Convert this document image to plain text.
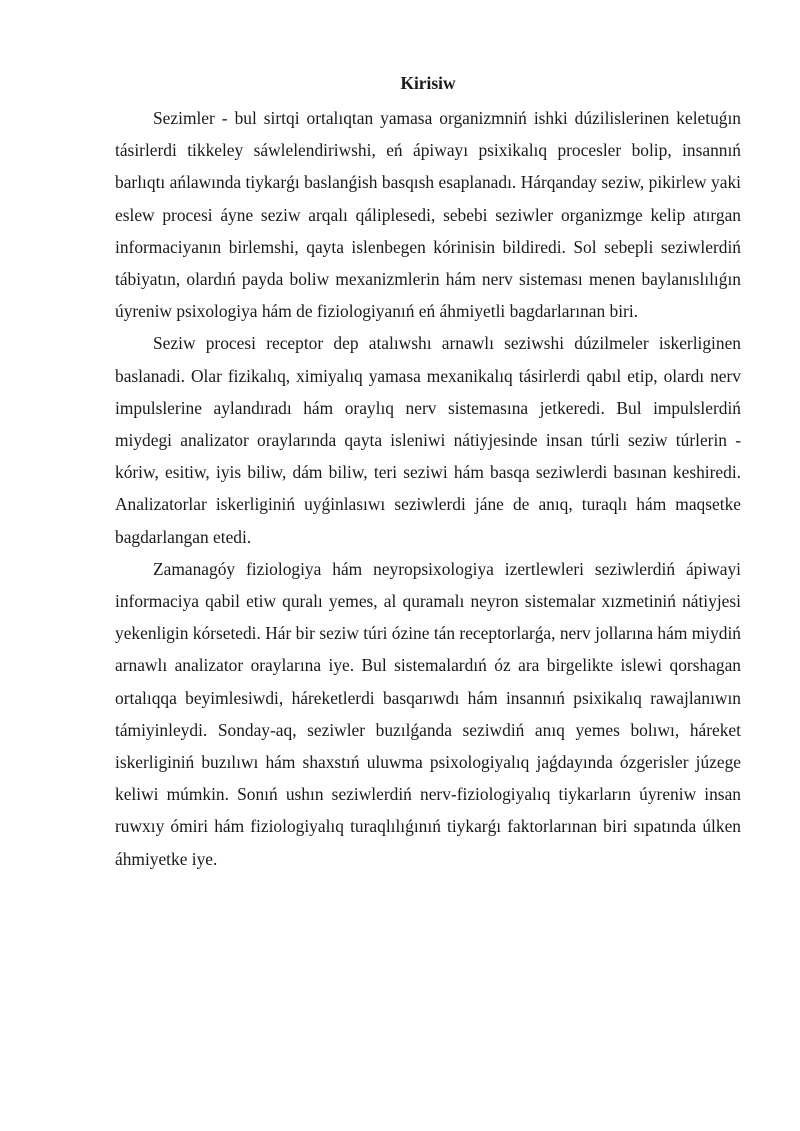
Kirisiw

Sezimler - bul sirtqi ortalıqtan yamasa organizmniń ishki dúzilislerinen keletuǵın tásirlerdi tikkeley sáwlelendiriwshi, eń ápiwayı psixikalıq procesler bolip, insannıń barlıqtı ańlawında tiykarǵı baslanǵish basqısh esaplanadı. Hárqanday seziw, pikirlew yaki eslew procesi áyne seziw arqalı qáliplesedi, sebebi seziwler organizmge kelip atırgan informaciyanın birlemshi, qayta islenbegen kórinisin bildiredi. Sol sebepli seziwlerdiń tábiyatın, olardıń payda boliw mexanizmlerin hám nerv sisteması menen baylanıslılıǵın úyreniw psixologiya hám de fiziologiyanıń eń áhmiyetli bagdarlarınan biri.

Seziw procesi receptor dep atalıwshı arnawlı seziwshi dúzilmeler iskerliginen baslanadi. Olar fizikalıq, ximiyalıq yamasa mexanikalıq tásirlerdi qabıl etip, olardı nerv impulslerine aylandıradı hám oraylıq nerv sistemasına jetkeredi. Bul impulslerdiń miydegi analizator oraylarında qayta isleniwi nátiyjesinde insan túrli seziw túrlerin - kóriw, esitiw, iyis biliw, dám biliw, teri seziwi hám basqa seziwlerdi basınan keshiredi. Analizatorlar iskerliginiń uyǵinlasıwı seziwlerdi jáne de anıq, turaqlı hám maqsetke bagdarlangan etedi.

Zamanagóy fiziologiya hám neyropsixologiya izertlewleri seziwlerdiń ápiwayi informaciya qabil etiw quralı yemes, al quramalı neyron sistemalar xızmetiniń nátiyjesi yekenligin kórsetedi. Hár bir seziw túri ózine tán receptorlarǵa, nerv jollarına hám miydiń arnawlı analizator oraylarına iye. Bul sistemalardıń óz ara birgelikte islewi qorshagan ortalıqqa beyimlesiwdi, háreketlerdi basqarıwdı hám insannıń psixikalıq rawajlanıwın támiyinleydi. Sonday-aq, seziwler buzılǵanda seziwdiń anıq yemes bolıwı, háreket iskerliginiń buzılıwı hám shaxstıń uluwma psixologiyalıq jaǵdayında ózgerisler júzege keliwi múmkin. Sonıń ushın seziwlerdiń nerv-fiziologiyalıq tiykarların úyreniw insan ruwxıy ómiri hám fiziologiyalıq turaqlılıǵınıń tiykarǵı faktorlarınan biri sıpatında úlken áhmiyetke iye.
